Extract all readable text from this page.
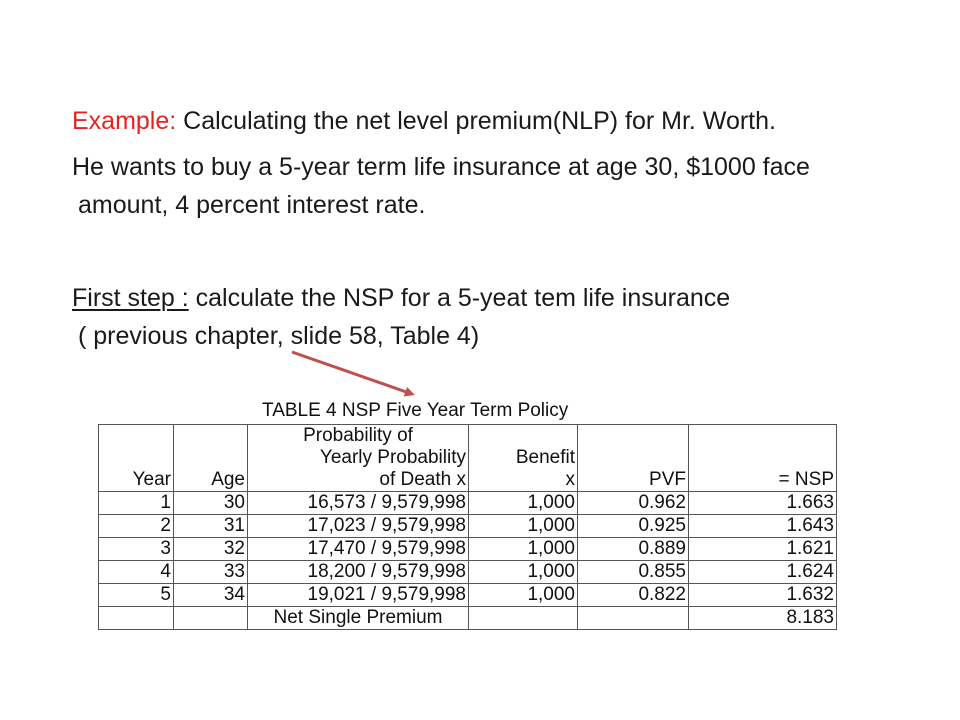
Example: Calculating the net level premium(NLP) for Mr. Worth.
He wants to buy a 5-year term life insurance at age 30, $1000 face
amount, 4 percent interest rate.
First step : calculate the NSP for a 5-yeat tem life insurance
( previous chapter, slide 58, Table 4)
TABLE 4 NSP Five Year Term Policy
		Probability of			
		Yearly Probability	Benefit		
Year	Age	of Death x	x	PVF	= NSP
1	30	16,573 / 9,579,998	1,000	0.962	1.663
2	31	17,023 / 9,579,998	1,000	0.925	1.643
3	32	17,470 / 9,579,998	1,000	0.889	1.621
4	33	18,200 / 9,579,998	1,000	0.855	1.624
5	34	19,021 / 9,579,998	1,000	0.822	1.632
		Net Single Premium			8.183
